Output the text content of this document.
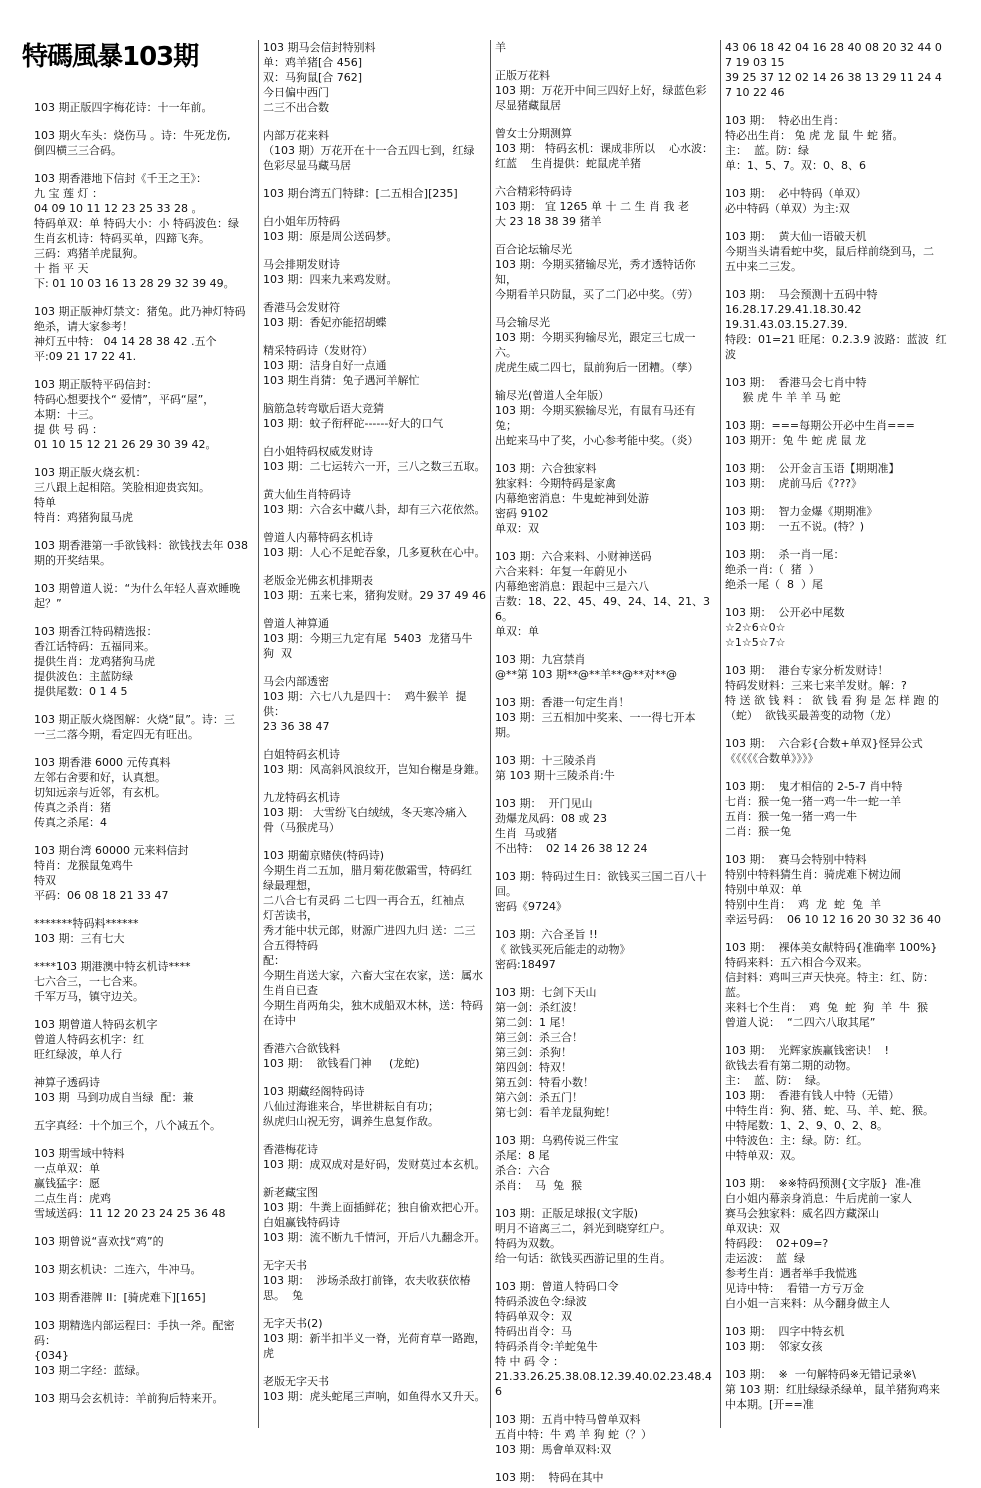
特碼風暴103期
103 期正版四字梅花诗：十一年前。
103 期火车头：烧伤马 。诗：牛死龙伤,
倒四横三三合码。
103 期香港地下信封《千王之王》：
九 宝 莲 灯 ：
04 09 10 11 12 23 25 33 28 。
特码单双：单 特码大小：小 特码波色：绿
生肖玄机诗：特码买单，四蹄飞奔。
三码：鸡猪羊虎鼠狗。
十 指 平 天
下: 01 10 03 16 13 28 29 32 39 49。
103 期正版神灯禁文：猪兔。此乃神灯特码
绝杀，请大家参考！
神灯五中特： 04 14 28 38 42 .五个
平:09 21 17 22 41.
103 期正版特平码信封：
特码心想要找个“ 爱情”，平码“屋”，
本期：十三。
提 供 号 码 ：
01 10 15 12 21 26 29 30 39 42。
103 期正版火烧玄机：
三八跟上起相陪。笑脸相迎贵宾知。
特单
特肖：鸡猪狗鼠马虎
103 期香港第一手欲钱料：欲钱找去年 038
期的开奖结果。
103 期曾道人说：“为什么年轻人喜欢睡晚
起？”
103 期香江特码精选报：
香江话特码：五福同来。
提供生肖：龙鸡猪狗马虎
提供波色：主蓝防绿
提供尾数：0 1 4 5
103 期正版火烧图解：火烧“鼠”。诗：三
一三二落今期，看定四无有旺出。
103 期香港 6000 元传真料
左邻右舍要和好，认真想。
切知远亲与近邻，有玄机。
传真之杀肖：猪
传真之杀尾：4
103 期台湾 60000 元来料信封
特肖：龙猴鼠兔鸡牛
特双
平码：06 08 18 21 33 47
*******特码料******
103 期：三有七大
****103 期港澳中特玄机诗****
七六合三，一七合来。
千军万马，镇守边关。
103 期曾道人特码玄机字
曾道人特码玄机字：红
旺红绿波，单人行
神算子透码诗
103 期  马到功成自当绿  配：兼
五字真经：十个加三个，八个减五个。
103 期雪域中特料
一点单双：单
赢钱猛字：愿
二点生肖：虎鸡
雪域送码：11 12 20 23 24 25 36 48
103 期曾说“喜欢找“鸡”的
103 期玄机诀：二连六，牛冲马。
103 期香港牌 II：[骑虎难下][165]
103 期精选内部运程曰：手执一斧。配密码：
{034}
103 期二字经：蓝绿。
103 期马会玄机诗：羊前狗后特来开。
103 期马会信封特别料
单：鸡羊猪[合 456]
双：马狗鼠[合 762]
今日偏中西门
二三不出合数
内部万花来料
（103 期）万花开在十一合五四七到，红绿
色彩尽显马藏马居
103 期台湾五门特肆：[二五相合][235]
白小姐年历特码
103 期：原是周公送码梦。
马会排期发财诗
103 期：四来九来鸡发财。
香港马会发财符
103 期：香妃亦能招胡蝶
精采特码诗（发财符）
103 期：洁身自好一点通
103 期生肖猜：兔子遇河羊解忙
脑筋急转弯歇后语大竞猜
103 期：蚊子衔秤砣------好大的口气
白小姐特码权威发财诗
103 期：二七运转六一开，三八之数三五取。
黄大仙生肖特码诗
103 期：六合玄中藏八卦，却有三六花依然。
曾道人内幕特码玄机诗
103 期：人心不足蛇吞象，几多夏秋在心中。
老版金光佛玄机排期表
103 期：五来七来，猪狗发财。29 37 49 46
曾道人神算通
103 期：今期三九定有尾  5403  龙猪马牛
狗  双
马会内部透密
103 期：六七八九是四十：  鸡牛猴羊  提供：
23 36 38 47
白姐特码玄机诗
103 期：风高斜风浪纹开，岂知台榭是身錐。
九龙特码玄机诗
103 期： 大雪纷飞白绒绒，冬天寒冷痛入
骨（马猴虎马）
103 期葡京赌侠(特码诗)
今期生肖二五加，腊月菊花傲霜雪，特码红
绿最理想，
二八合七有灵码 二七四一再合五，红袖点
灯苦读书，
秀才能中状元郎，财源广进四九归 送：二三
合五得特码
配：
今期生肖送大家，六畜大宝在农家，送：属水
生肖自已查
今期生肖两角尖，独木成船双木林，送：特码
在诗中
香港六合欲钱料
103 期：  欲钱看门神     (龙蛇)
103 期藏经阁特码诗
八仙过海谁来合，毕世耕耘自有功；
纵虎归山祝无穷，调养生息复作敌。
香港梅花诗
103 期：成双成对是好码，发财莫过本玄机。
新老藏宝图
103 期：牛粪上面插鲜花；独自偷欢把心开。
白姐赢钱特码诗
103 期：流不断九千情河，开后八九翻念开。
无字天书
103 期：  涉场杀敌打前锋，农夫收获依椿
思。  兔
无字天书(2)
103 期：新半扣半义一脊，光荷育草一路跑，
虎
老版无字天书
103 期：虎头蛇尾三声响，如鱼得水又升天。
羊
正版万花料
103 期：万花开中间三四好上好，绿蓝色彩
尽显猪藏鼠居
曾女士分期测算
103 期： 特码玄机：课成非所以    心水波：
红蓝    生肖提供：蛇鼠虎羊猪
六合精彩特码诗
103 期： 宜 1265 单 十 二 生 肖 我 老
大 23 18 38 39 猪羊
百合论坛输尽光
103 期：今期买猪输尽光，秀才透特话你知，
今期看羊只防鼠，买了二门必中奖。（劳）
马会输尽光
103 期：今期买狗输尽光，跟定三七成一六。
虎虎生威二四七，鼠前狗后一团糟。（孳）
输尽光(曾道人全年版）
103 期：今期买猴输尽光，有鼠有马还有兔；
出蛇来马中了奖，小心参考能中奖。（炎）
103 期：六合独家料
独家料：今期特码是家禽
内幕绝密消息：牛鬼蛇神到处游
密码 9102
单双：双
103 期：六合来料、小财神送码
六合来料：年复一年蔚见小
内幕绝密消息：跟起中三是六八
吉数：18、22、45、49、24、14、21、36。
单双：单
103 期：九宫禁肖
@**第 103 期**@**羊**@**对**@
103 期：香港一句定生肖！
103 期：三五相加中奖来、一一得七开本期。
103 期：十三陵杀肖
第 103 期十三陵杀肖:牛
103 期：  开门见山
劲爆龙凤码：08 或 23
生肖  马或猪
不出特：  02 14 26 38 12 24
103 期：特码过生日：欲钱买三国二百八十
回。
密码《9724》
103 期：六合圣旨 !!
《 欲钱买死后能走的动物》
密码:18497
103 期：七剑下天山
第一剑：杀红波！
第二剑：1 尾！
第三剑：杀三合！
第三剑：杀狗！
第四剑：特双！
第五剑：特看小数！
第六剑：杀五门！
第七剑：看羊龙鼠狗蛇！
103 期：乌鸦传说三件宝
杀尾：8 尾
杀合：六合
杀肖：  马  兔  猴
103 期：正版足球报(文字版)
明月不谙离三二，斜光到晓穿红户。
特码为双数。
给一句话：欲钱买西游记里的生肖。
103 期：曾道人特码口令
特码杀波色令:绿波
特码单双令：双
特码出肖令：马
特码杀肖令:羊蛇兔牛
特 中 码 令 ：
21.33.26.25.38.08.12.39.40.02.23.48.4
6
103 期：五肖中特马曾单双料
五肖中特：牛 鸡 羊 狗 蛇（？）
103 期：馬會单双料:双
103 期：  特码在其中
43 06 18 42 04 16 28 40 08 20 32 44 0
7 19 03 15
39 25 37 12 02 14 26 38 13 29 11 24 4
7 10 22 46
103 期：  特必出生肖：
特必出生肖： 兔 虎 龙 鼠 牛 蛇 猪。
主：  蓝。防：绿
单：1、5、7。双：0、8、6
103 期：  必中特码（单双）
必中特码（单双）为主:双
103 期：  黄大仙一语破天机
今期当头请看蛇中奖，鼠后样前绕到马，二
五中来二三发。
103 期：  马会预测十五码中特
16.28.17.29.41.18.30.42
19.31.43.03.15.27.39.
特段：01=21 旺尾：0.2.3.9 波路：蓝波  红
波
103 期：  香港马会七肖中特
猴 虎 牛 羊 羊 马 蛇
103 期：===每期公开必中生肖===
103 期开：兔 牛 蛇 虎 鼠 龙
103 期：  公开金言玉语【期期准】
103 期：  虎前马后《???》
103 期：  智力金爆《期期准》
103 期：  一五不说。(特？)
103 期：  杀一肖一尾：
绝杀一肖:（  猪  ）
绝杀一尾（  8  ）尾
103 期：  公开必中尾数
☆2☆6☆0☆
☆1☆5☆7☆
103 期：  港台专家分析发财诗！
特码发财料：三来七来羊发财。解：?
特 送 欲 钱 料 ： 欲 钱 看 狗 是 怎 样 跑 的
（蛇）  欲钱买最善变的动物（龙）
103 期：  六合彩{合数+单双}怪异公式
《《《《《合数单》》》》
103 期：  鬼才相信的 2-5-7 肖中特
七肖：猴一兔一猪一鸡一牛一蛇一羊
五肖：猴一兔一猪一鸡一牛
二肖：猴一兔
103 期：  赛马会特别中特料
特别中特料猜生肖：骑虎难下树边闹
特别中单双：单
特别中生肖：  鸡  龙  蛇  兔  羊
幸运号码：  06 10 12 16 20 30 32 36 40
103 期：  裸体美女献特码{准确率 100%}
特码来料：五六相合今双来。
信封料：鸡叫三声天快亮。特主：红、防：
蓝。
来料七个生肖：  鸡  兔  蛇  狗  羊  牛  猴
曾道人说：  “二四六八取其尾”
103 期：  光辉家族赢钱密诀！  !
欲钱去看有第二期的动物。
主：  蓝、防：  绿。
103 期：  香港有钱人中特（无错）
中特生肖：狗、猪、蛇、马、羊、蛇、猴。
中特尾数：1、2、9、0、2、8。
中特波色：主：绿。防：红。
中特单双：双。
103 期：  ※※特码预测{文字版}  准-准
白小姐内幕亲身消息：牛后虎前一家人
赛马会独家料：威名四方藏深山
单双诀：双
特码段：  02+09=?
走运波：  蓝  绿
参考生肖：遇者举手我慌逃
见诗中特：  看错一方亏万金
白小姐一言来料：从今翻身做主人
103 期：  四字中特玄机
103 期：  邻家女孩
103 期：  ※  一句解特码※无错记录※\
第 103 期：红肚绿绿杀绿单，鼠羊猪狗鸡来
中本期。[开==准
